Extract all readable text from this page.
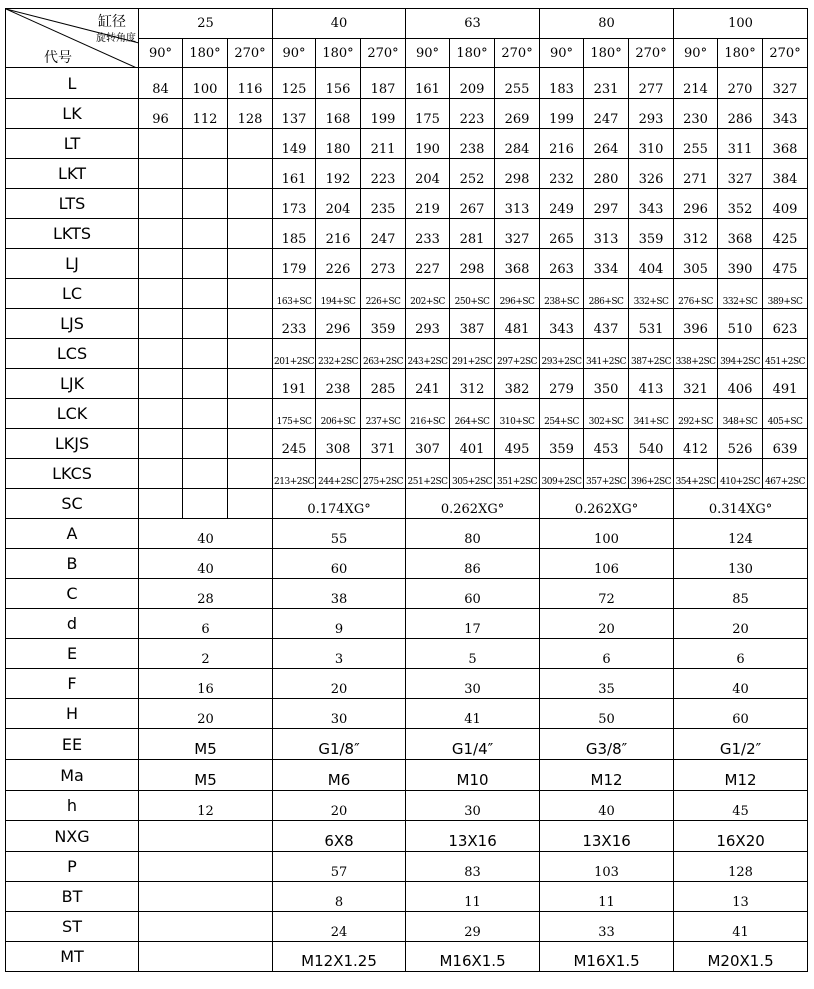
缸径
旋转角度
代号	25			40			63			80			100		
	90°	180°	270°	90°	180°	270°	90°	180°	270°	90°	180°	270°	90°	180°	270°
L	84	100	116	125	156	187	161	209	255	183	231	277	214	270	327
LK	96	112	128	137	168	199	175	223	269	199	247	293	230	286	343
LT				149	180	211	190	238	284	216	264	310	255	311	368
LKT				161	192	223	204	252	298	232	280	326	271	327	384
LTS				173	204	235	219	267	313	249	297	343	296	352	409
LKTS				185	216	247	233	281	327	265	313	359	312	368	425
LJ				179	226	273	227	298	368	263	334	404	305	390	475
LC				163+SC	194+SC	226+SC	202+SC	250+SC	296+SC	238+SC	286+SC	332+SC	276+SC	332+SC	389+SC
LJS				233	296	359	293	387	481	343	437	531	396	510	623
LCS				201+2SC	232+2SC	263+2SC	243+2SC	291+2SC	297+2SC	293+2SC	341+2SC	387+2SC	338+2SC	394+2SC	451+2SC
LJK				191	238	285	241	312	382	279	350	413	321	406	491
LCK				175+SC	206+SC	237+SC	216+SC	264+SC	310+SC	254+SC	302+SC	341+SC	292+SC	348+SC	405+SC
LKJS				245	308	371	307	401	495	359	453	540	412	526	639
LKCS				213+2SC	244+2SC	275+2SC	251+2SC	305+2SC	351+2SC	309+2SC	357+2SC	396+2SC	354+2SC	410+2SC	467+2SC
SC				0.174XG°			0.262XG°			0.262XG°			0.314XG°		
A	40			55			80			100			124		
B	40			60			86			106			130		
C	28			38			60			72			85		
d	6			9			17			20			20		
E	2			3			5			6			6		
F	16			20			30			35			40		
H	20			30			41			50			60		
EE	M5			G1/8″			G1/4″			G3/8″			G1/2″		
Ma	M5			M6			M10			M12			M12		
h	12			20			30			40			45		
NXG				6X8			13X16			13X16			16X20		
P				57			83			103			128		
BT				8			11			11			13		
ST				24			29			33			41		
MT				M12X1.25			M16X1.5			M16X1.5			M20X1.5		
